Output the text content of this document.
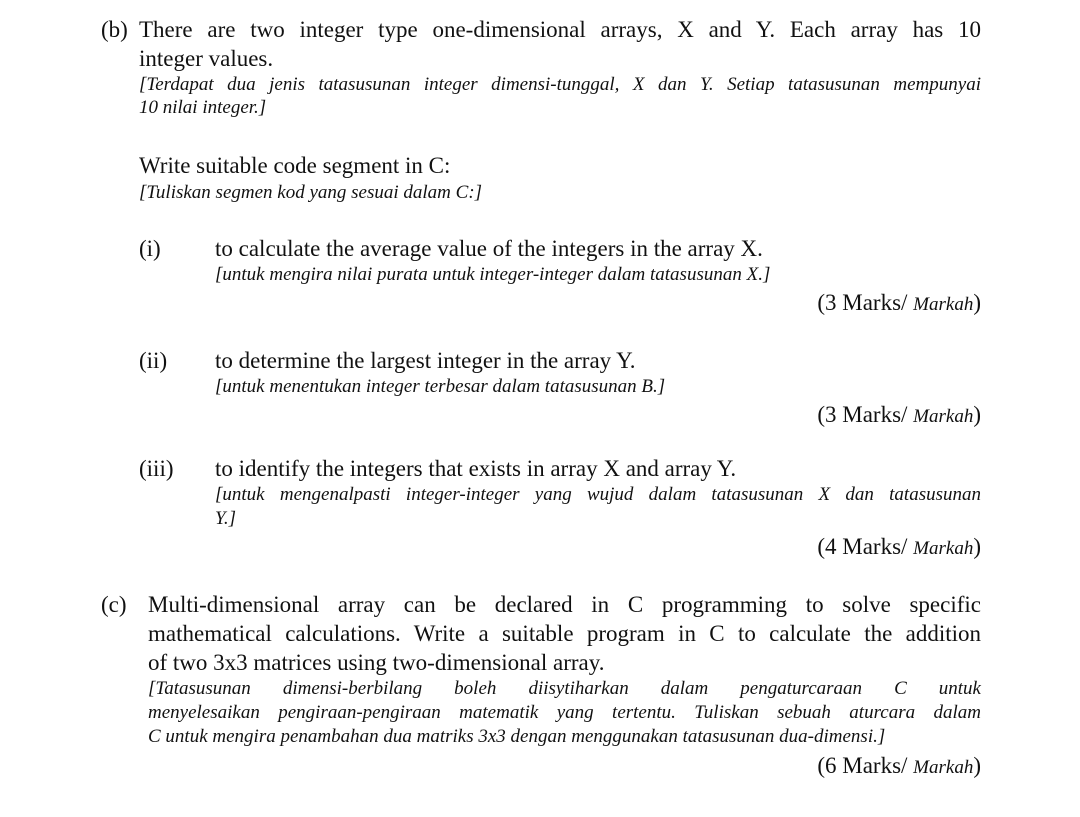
(b) There are two integer type one-dimensional arrays, X and Y. Each array has 10
integer values.
[Terdapat dua jenis tatasusunan integer dimensi-tunggal, X dan Y. Setiap tatasusunan mempunyai
10 nilai integer.]
Write suitable code segment in C:
[Tuliskan segmen kod yang sesuai dalam C:]
(i) to calculate the average value of the integers in the array X.
[untuk mengira nilai purata untuk integer-integer dalam tatasusunan X.]
(3 Marks/ Markah)
(ii) to determine the largest integer in the array Y.
[untuk menentukan integer terbesar dalam tatasusunan B.]
(3 Marks/ Markah)
(iii) to identify the integers that exists in array X and array Y.
[untuk mengenalpasti integer-integer yang wujud dalam tatasusunan X dan tatasusunan
Y.]
(4 Marks/ Markah)
(c) Multi-dimensional array can be declared in C programming to solve specific
mathematical calculations. Write a suitable program in C to calculate the addition
of two 3x3 matrices using two-dimensional array.
[Tatasusunan dimensi-berbilang boleh diisytiharkan dalam pengaturcaraan C untuk
menyelesaikan pengiraan-pengiraan matematik yang tertentu. Tuliskan sebuah aturcara dalam
C untuk mengira penambahan dua matriks 3x3 dengan menggunakan tatasusunan dua-dimensi.]
(6 Marks/ Markah)
